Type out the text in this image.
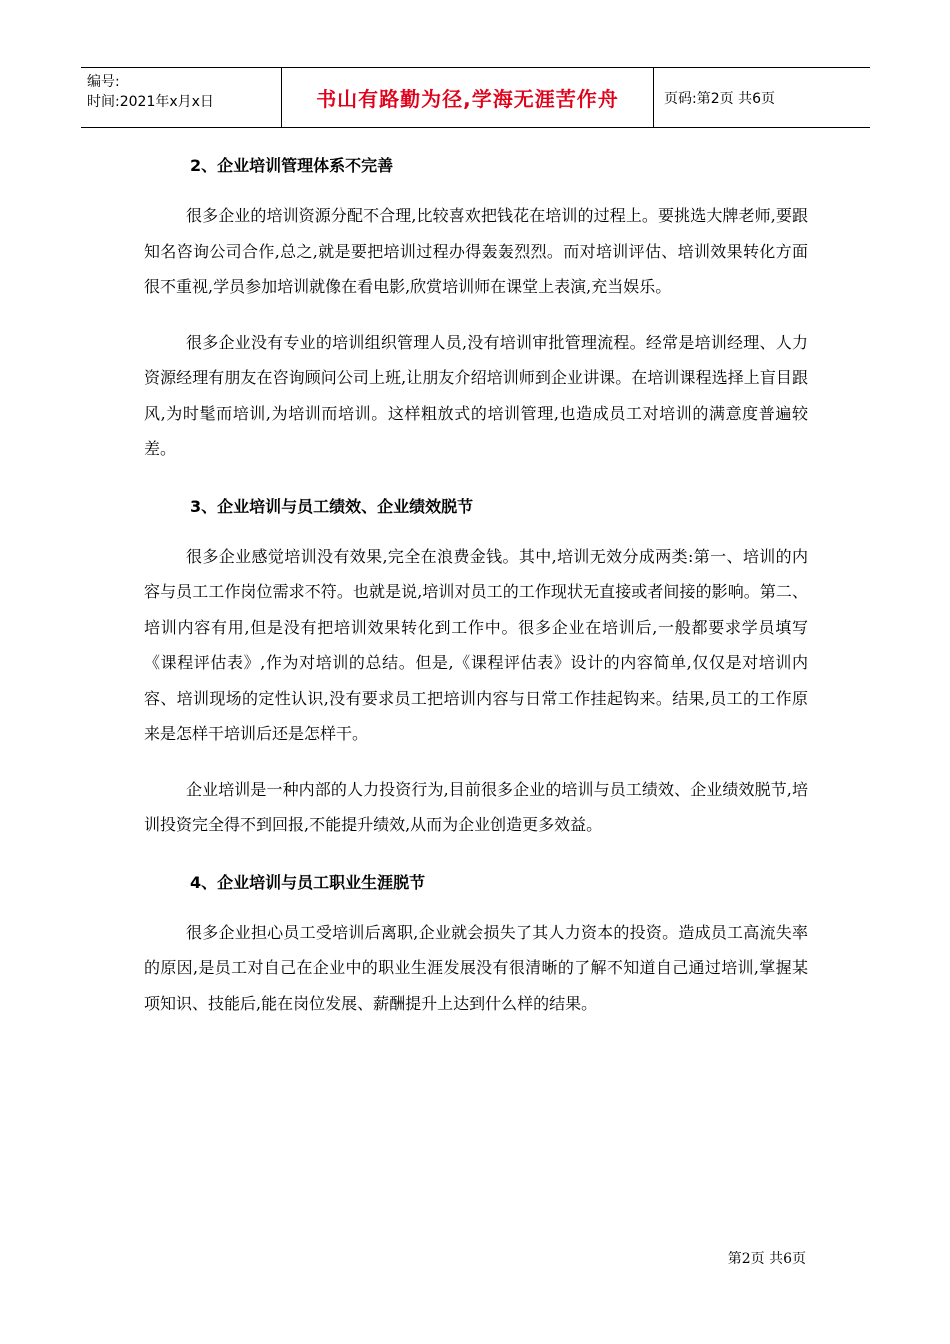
编号:
时间:2021年x月x日	书山有路勤为径,学海无涯苦作舟	页码:第2页 共6页

2、企业培训管理体系不完善

很多企业的培训资源分配不合理,比较喜欢把钱花在培训的过程上。要挑选大牌老师,要跟知名咨询公司合作,总之,就是要把培训过程办得轰轰烈烈。而对培训评估、培训效果转化方面很不重视,学员参加培训就像在看电影,欣赏培训师在课堂上表演,充当娱乐。

很多企业没有专业的培训组织管理人员,没有培训审批管理流程。经常是培训经理、人力资源经理有朋友在咨询顾问公司上班,让朋友介绍培训师到企业讲课。在培训课程选择上盲目跟风,为时髦而培训,为培训而培训。这样粗放式的培训管理,也造成员工对培训的满意度普遍较差。

3、企业培训与员工绩效、企业绩效脱节

很多企业感觉培训没有效果,完全在浪费金钱。其中,培训无效分成两类:第一、培训的内容与员工工作岗位需求不符。也就是说,培训对员工的工作现状无直接或者间接的影响。第二、培训内容有用,但是没有把培训效果转化到工作中。很多企业在培训后,一般都要求学员填写《课程评估表》,作为对培训的总结。但是,《课程评估表》设计的内容简单,仅仅是对培训内容、培训现场的定性认识,没有要求员工把培训内容与日常工作挂起钩来。结果,员工的工作原来是怎样干培训后还是怎样干。

企业培训是一种内部的人力投资行为,目前很多企业的培训与员工绩效、企业绩效脱节,培训投资完全得不到回报,不能提升绩效,从而为企业创造更多效益。

4、企业培训与员工职业生涯脱节

很多企业担心员工受培训后离职,企业就会损失了其人力资本的投资。造成员工高流失率的原因,是员工对自己在企业中的职业生涯发展没有很清晰的了解不知道自己通过培训,掌握某项知识、技能后,能在岗位发展、薪酬提升上达到什么样的结果。

第2页 共6页
